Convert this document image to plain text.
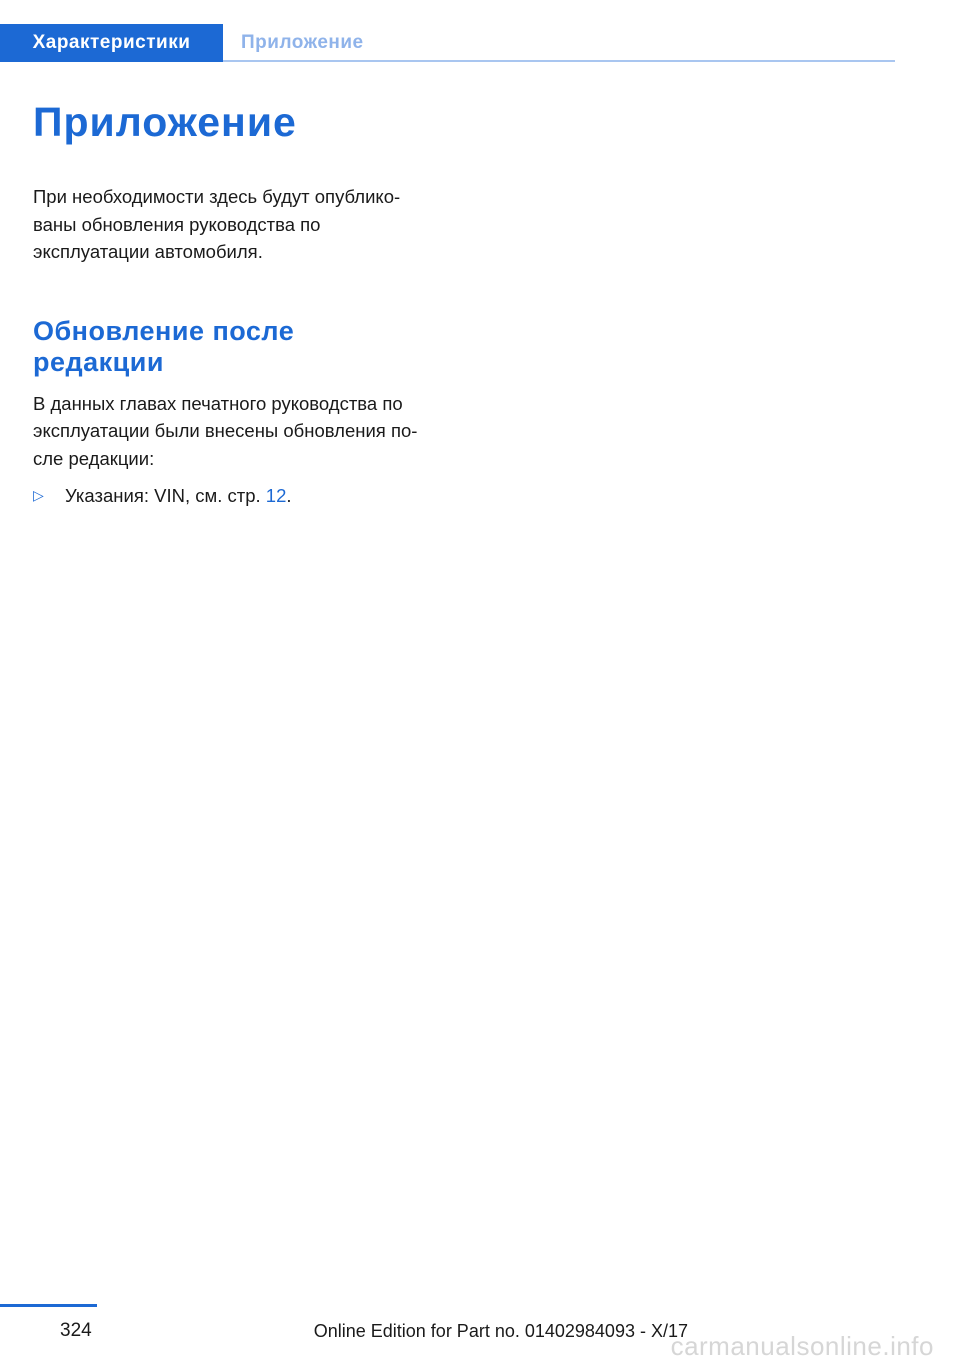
Характеристики	Приложение
Приложение

При необходимости здесь будут опублико-
ваны обновления руководства по
эксплуатации автомобиля.

Обновление после
редакции

В данных главах печатного руководства по
эксплуатации были внесены обновления по-
сле редакции:

▷	Указания: VIN, см. стр. 12.
324	Online Edition for Part no. 01402984093 - X/17
carmanualsonline.info
